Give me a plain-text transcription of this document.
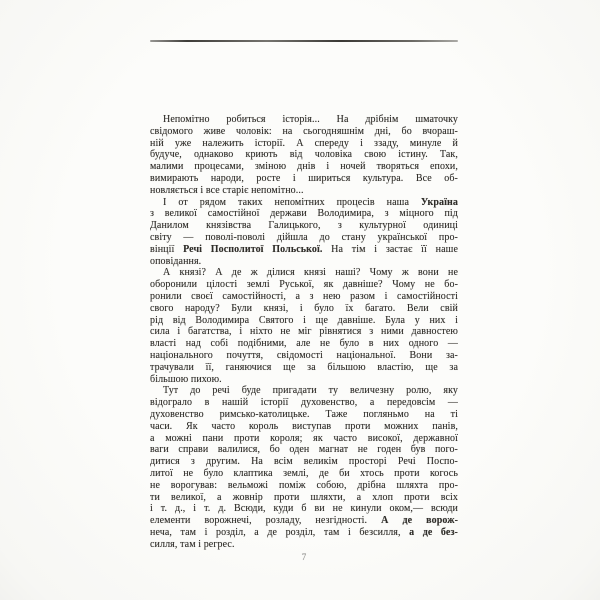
Непомітно робиться історія... На дрібнім шматочку
свідомого живе чоловік: на сьогодняшнім дні, бо вчораш-
ній уже належить історії. А спереду і ззаду, минуле й
будуче, однаково криють від чоловіка свою істину. Так,
малими процесами, зміною днів і ночей творяться епохи,
вимирають народи, росте і шириться культура. Все об-
новляється і все старіє непомітно...
І от рядом таких непомітних процесів наша Україна
з великої самостійної держави Володимира, з міцного під
Данилом князівства Галицького, з культурної одиниці
світу — поволі-поволі дійшла до стану української про-
вінції Речі Посполитої Польської. На тім і застає її наше
оповідання.
А князі? А де ж ділися князі наші? Чому ж вони не
оборонили цілості землі Руської, як давніше? Чому не бо-
ронили своєї самостійності, а з нею разом і самостійності
свого народу? Були князі, і було їх багато. Вели свій
рід від Володимира Святого і ще давніше. Була у них і
сила і багатства, і ніхто не міг рівнятися з ними давностею
власті над собі подібними, але не було в них одного —
національного почуття, свідомості національної. Вони за-
трачували її, ганяючися ще за більшою властію, ще за
більшою пихою.
Тут до речі буде пригадати ту величезну ролю, яку
відограло в нашій історії духовенство, а передовсім —
духовенство римсько-католицьке. Таже погляньмо на ті
часи. Як часто король виступав проти можних панів,
а можні пани проти короля; як часто високої, державної
ваги справи валилися, бо оден магнат не годен був пого-
дитися з другим. На всім великім просторі Речі Поспо-
литої не було клаптика землі, де би хтось проти когось
не ворогував: вельможі поміж собою, дрібна шляхта про-
ти великої, а жовнір проти шляхти, а хлоп проти всіх
і т. д., і т. д. Всюди, куди б ви не кинули оком,— всюди
елементи ворожнечі, розладу, незгідності. А де ворож-
неча, там і розділ, а де розділ, там і безсилля, а де без-
силля, там і регрес.
7
